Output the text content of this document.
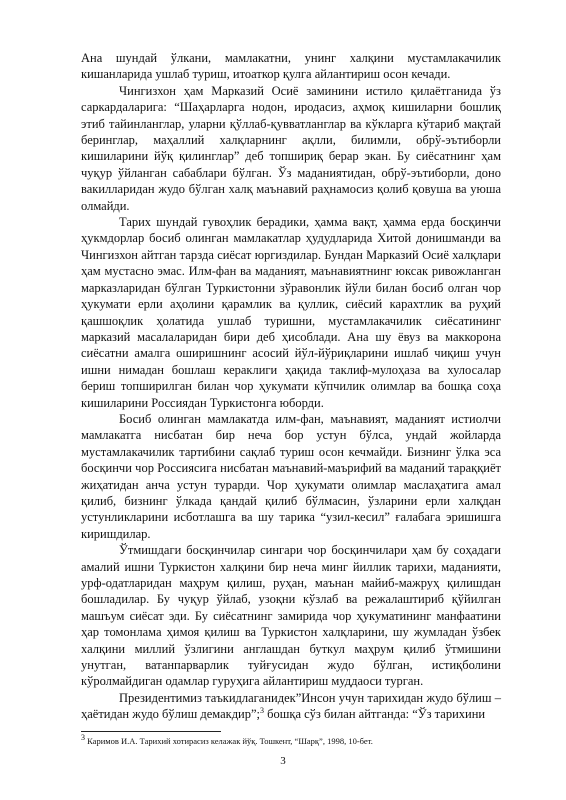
Ана шундай ўлкани, мамлакатни, унинг халқини мустамлакачилик кишанларида ушлаб туриш, итоаткор қулга айлантириш осон кечади.

Чингизхон ҳам Марказий Осиё заминини истило қилаётганида ўз саркардаларига: “Шаҳарларга нодон, иродасиз, аҳмоқ кишиларни бошлиқ этиб тайинланглар, уларни қўллаб-қувватланглар ва кўкларга кўтариб мақтай беринглар, маҳаллий халқларнинг ақлли, билимли, обрў-эътиборли кишиларини йўқ қилинглар” деб топшириқ берар экан. Бу сиёсатнинг ҳам чуқур ўйланган сабаблари бўлган. Ўз маданиятидан, обрў-эътиборли, доно вакилларидан жудо бўлган халқ маънавий раҳнамосиз қолиб қовуша ва уюша олмайди.

Тарих шундай гувоҳлик берадики, ҳамма вақт, ҳамма ерда босқинчи ҳукмдорлар босиб олинган мамлакатлар ҳудудларида Хитой донишманди ва Чингизхон айтган тарзда сиёсат юргиздилар. Бундан Марказий Осиё халқлари ҳам мустасно эмас. Илм-фан ва маданият, маънавиятнинг юксак ривожланган марказларидан бўлган Туркистонни зўравонлик йўли билан босиб олган чор ҳукумати ерли аҳолини қарамлик ва қуллик, сиёсий карахтлик ва руҳий қашшоқлик ҳолатида ушлаб туришни, мустамлакачилик сиёсатининг марказий масалаларидан бири деб ҳисоблади. Ана шу ёвуз ва маккорона сиёсатни амалга оширишнинг асосий йўл-йўриқларини ишлаб чиқиш учун ишни нимадан бошлаш кераклиги ҳақида таклиф-мулоҳаза ва хулосалар бериш топширилган билан чор ҳукумати кўпчилик олимлар ва бошқа соҳа кишиларини Россиядан Туркистонга юборди.

Босиб олинган мамлакатда илм-фан, маънавият, маданият истиолчи мамлакатга нисбатан бир неча бор устун бўлса, ундай жойларда мустамлакачилик тартибини сақлаб туриш осон кечмайди. Бизнинг ўлка эса босқинчи чор Россиясига нисбатан маънавий-маърифий ва маданий тараққиёт жиҳатидан анча устун турарди. Чор ҳукумати олимлар маслаҳатига амал қилиб, бизнинг ўлкада қандай қилиб бўлмасин, ўзларини ерли халқдан устунликларини исботлашга ва шу тарика “узил-кесил” ғалабага эришишга киришдилар.

Ўтмишдаги босқинчилар сингари чор босқинчилари ҳам бу соҳадаги амалий ишни Туркистон халқини бир неча минг йиллик тарихи, маданияти, урф-одатларидан маҳрум қилиш, руҳан, маънан майиб-мажруҳ қилишдан бошладилар. Бу чуқур ўйлаб, узоқни кўзлаб ва режалаштириб қўйилган машъум сиёсат эди. Бу сиёсатнинг замирида чор ҳукуматининг манфаатини ҳар томонлама ҳимоя қилиш ва Туркистон халқларини, шу жумладан ўзбек халқини миллий ўзлигини англашдан буткул маҳрум қилиб ўтмишини унутган, ватанпарварлик туйғусидан жудо бўлган, истиқболини кўролмайдиган одамлар гуруҳига айлантириш муддаоси турган.

Президентимиз таъкидлаганидек”Инсон учун тарихидан жудо бўлиш – ҳаётидан жудо бўлиш демакдир”;$^3$ бошқа сўз билан айтганда: “Ўз тарихини

$^3$ Каримов И.А. Тарихий хотирасиз келажак йўқ. Тошкент, “Шарқ”, 1998, 10-бет.

3
